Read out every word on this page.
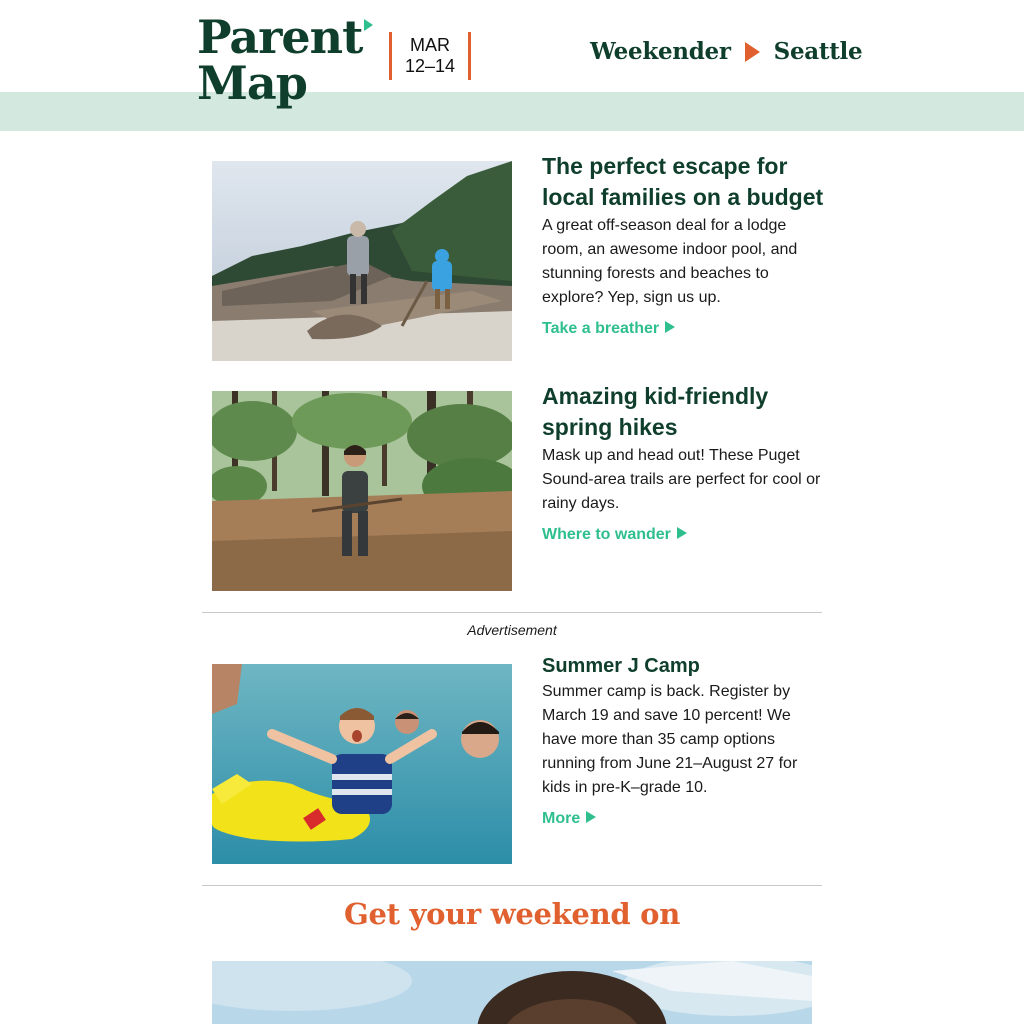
Parent
Map
MAR
12–14
Weekender Seattle
The perfect escape for local families on a budget

A great off-season deal for a lodge room, an awesome indoor pool, and stunning forests and beaches to explore? Yep, sign us up.

Take a breather
Amazing kid-friendly spring hikes

Mask up and head out! These Puget Sound-area trails are perfect for cool or rainy days.

Where to wander
Advertisement
Summer J Camp

Summer camp is back. Register by March 19 and save 10 percent! We have more than 35 camp options running from June 21–August 27 for kids in pre-K–grade 10.

More
Get your weekend on
